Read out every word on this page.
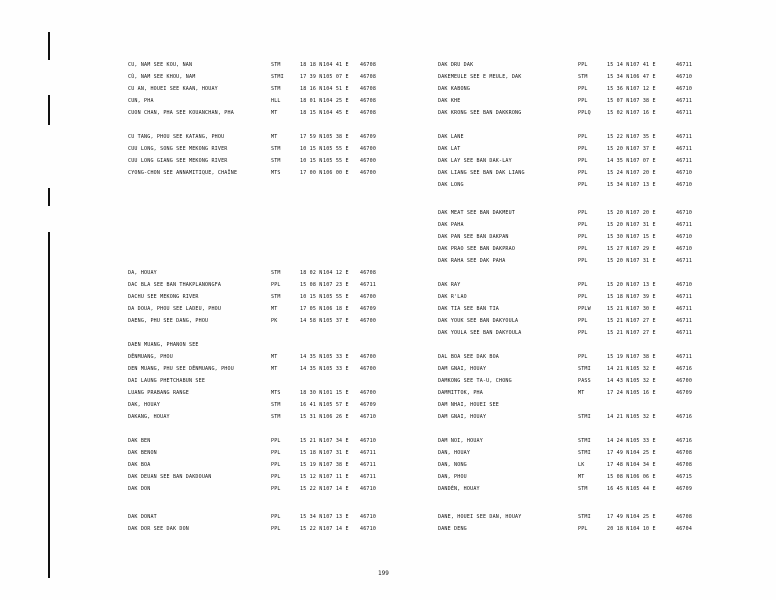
CU, NAM SEE KOU, NAN	STM	18 18 N 104 41 E 46708
CÙ, NAM SEE KHOU, NAM	STMI	17 39 N 105 07 E 46708
CU AN, HOUEI SEE KAAN, HOUAY	STM	18 16 N 104 51 E 46708
CUN, PHA	HLL	18 01 N 104 25 E 46708
CUON CHAN, PHA SEE KOUANCHAN, PHA	MT	18 15 N 104 45 E 46708
CU TANG, PHOU SEE KATANG, PHOU	MT	17 59 N 105 38 E 46709
CUU LONG, SONG SEE MEKONG RIVER	STM	10 15 N 105 55 E 46700
CUU LONG GIANG SEE MEKONG RIVER	STM	10 15 N 105 55 E 46700
CYONG-CHON SEE ANNAMITIQUE, CHAÎNE	MTS	17 00 N 106 00 E 46700
DA, HOUAY	STM	18 02 N 104 12 E 46708
DAC BLA SEE BAN THAKPLANONGFA	PPL	15 08 N 107 23 E 46711
DACHU SEE MEKONG RIVER	STM	10 15 N 105 55 E 46700
DA DOUA, PHOU SEE LADEU, PHOU	MT	17 05 N 106 18 E 46709
DAENG, PHU SEE DANG, PHOU	PK	14 58 N 105 37 E 46700
DAEN MUANG, PHANON SEE
DÊNMUANG, PHOU	MT	14 35 N 105 33 E 46700
DEN MUANG, PHU SEE DÊNMUANG, PHOU	MT	14 35 N 105 33 E 46700
DAI LAUNG PHETCHABUN SEE
LUANG PRABANG RANGE	MTS	18 30 N 101 15 E 46700
DAK, HOUAY	STM	16 41 N 105 57 E 46709
DAKANG, HOUAY	STM	15 31 N 106 26 E 46710
DAK BEN	PPL	15 21 N 107 34 E 46710
DAK BENON	PPL	15 18 N 107 31 E 46711
DAK BOA	PPL	15 19 N 107 38 E 46711
DAK DEUAN SEE BAN DAKDOUAN	PPL	15 12 N 107 11 E 46711
DAK DON	PPL	15 22 N 107 14 E 46710
DAK DONAT	PPL	15 34 N 107 13 E 46710
DAK DOR SEE DAK DON	PPL	15 22 N 107 14 E 46710
DAK DRU DAK	PPL	15 14 N 107 41 E	46711
DAKEMEULE SEE E MEULE, DAK	STM	15 34 N 106 47 E	46710
DAK KABONG	PPL	15 36 N 107 12 E	46710
DAK KHE	PPL	15 07 N 107 38 E	46711
DAK KRONG SEE BAN DAKKRONG	PPLQ	15 02 N 107 16 E	46711
DAK LANE	PPL	15 22 N 107 35 E	46711
DAK LAT	PPL	15 20 N 107 37 E	46711
DAK LAY SEE BAN DAK-LAY	PPL	14 35 N 107 07 E	46711
DAK LIANG SEE BAN DAK LIANG	PPL	15 24 N 107 20 E	46710
DAK LONG	PPL	15 34 N 107 13 E	46710
DAK MEAT SEE BAN DAKMEUT	PPL	15 20 N 107 20 E	46710
DAK PAHA	PPL	15 20 N 107 31 E	46711
DAK PAN SEE BAN DAKPAN	PPL	15 30 N 107 15 E	46710
DAK PRAO SEE BAN DAKPRAO	PPL	15 27 N 107 29 E	46710
DAK RAHA SEE DAK PAHA	PPL	15 20 N 107 31 E	46711
DAK RAY	PPL	15 20 N 107 13 E	46710
DAK R'LAO	PPL	15 18 N 107 39 E	46711
DAK TIA SEE BAN TIA	PPLW	15 21 N 107 30 E	46711
DAK YOUK SEE BAN DAKYOULA	PPL	15 21 N 107 27 E	46711
DAK YOULA SEE BAN DAKYOULA	PPL	15 21 N 107 27 E	46711
DAL BOA SEE DAK BOA	PPL	15 19 N 107 38 E	46711
DAM GNAI, HOUAY	STMI	14 21 N 105 32 E	46716
DAMKONG SEE TA-U, CHONG	PASS	14 43 N 105 32 E	46700
DAMMITTOK, PHA	MT	17 24 N 105 16 E	46709
DAM NHAI, HOUEI SEE
DAM GNAI, HOUAY	STMI	14 21 N 105 32 E	46716
DAM NOI, HOUAY	STMI	14 24 N 105 33 E	46716
DAN, HOUAY	STMI	17 49 N 104 25 E	46708
DAN, NONG	LK	17 48 N 104 34 E	46708
DAN, PHOU	MT	15 08 N 106 06 E	46715
DANDÈN, HOUAY	STM	16 45 N 105 44 E	46709
DANE, HOUEI SEE DAN, HOUAY	STMI	17 49 N 104 25 E	46708
DANE DENG	PPL	20 18 N 104 10 E	46704
199
